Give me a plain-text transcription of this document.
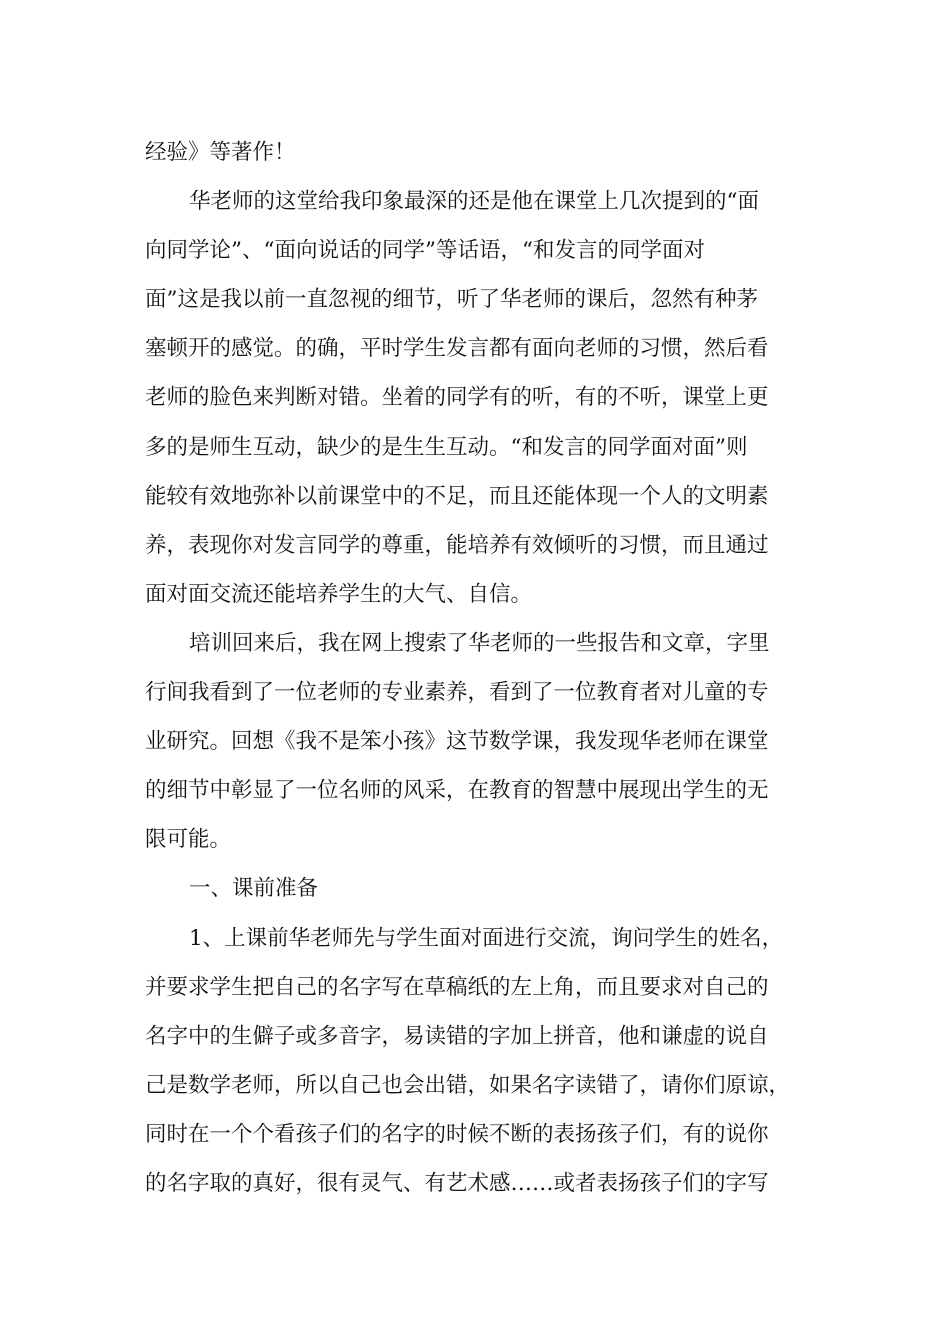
经验》等著作！
华老师的这堂给我印象最深的还是他在课堂上几次提到的“面
向同学论”、“面向说话的同学”等话语，“和发言的同学面对
面”这是我以前一直忽视的细节，听了华老师的课后，忽然有种茅
塞顿开的感觉。的确，平时学生发言都有面向老师的习惯，然后看
老师的脸色来判断对错。坐着的同学有的听，有的不听，课堂上更
多的是师生互动，缺少的是生生互动。“和发言的同学面对面”则
能较有效地弥补以前课堂中的不足，而且还能体现一个人的文明素
养，表现你对发言同学的尊重，能培养有效倾听的习惯，而且通过
面对面交流还能培养学生的大气、自信。
培训回来后，我在网上搜索了华老师的一些报告和文章，字里
行间我看到了一位老师的专业素养，看到了一位教育者对儿童的专
业研究。回想《我不是笨小孩》这节数学课，我发现华老师在课堂
的细节中彰显了一位名师的风采，在教育的智慧中展现出学生的无
限可能。
一、课前准备
1、上课前华老师先与学生面对面进行交流，询问学生的姓名，
并要求学生把自己的名字写在草稿纸的左上角，而且要求对自己的
名字中的生僻子或多音字，易读错的字加上拼音，他和谦虚的说自
己是数学老师，所以自己也会出错，如果名字读错了，请你们原谅，
同时在一个个看孩子们的名字的时候不断的表扬孩子们，有的说你
的名字取的真好，很有灵气、有艺术感……或者表扬孩子们的字写
